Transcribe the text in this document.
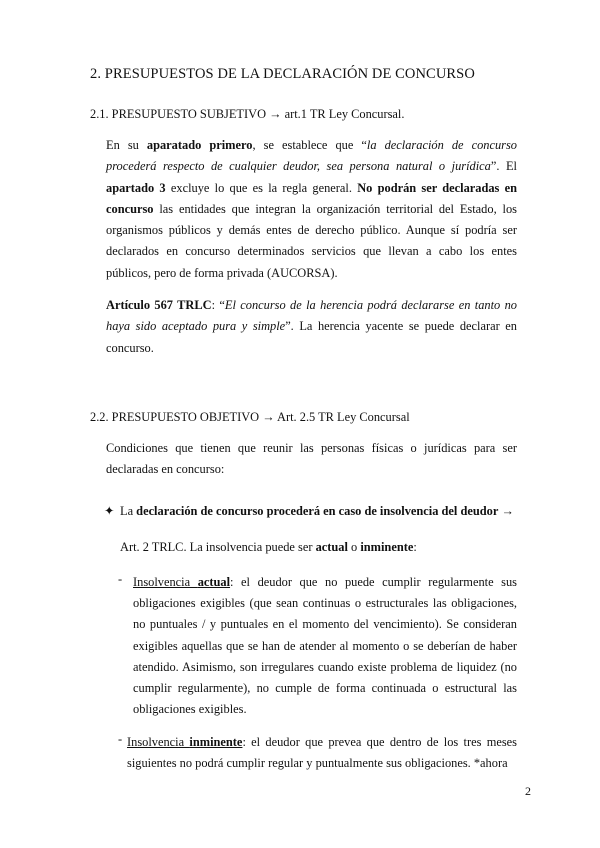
2. PRESUPUESTOS DE LA DECLARACIÓN DE CONCURSO
2.1. PRESUPUESTO SUBJETIVO → art.1 TR Ley Concursal.

En su aparatado primero, se establece que “la declaración de concurso procederá respecto de cualquier deudor, sea persona natural o jurídica”. El apartado 3 excluye lo que es la regla general. No podrán ser declaradas en concurso las entidades que integran la organización territorial del Estado, los organismos públicos y demás entes de derecho público. Aunque sí podría ser declarados en concurso determinados servicios que llevan a cabo los entes públicos, pero de forma privada (AUCORSA).

Artículo 567 TRLC: “El concurso de la herencia podrá declararse en tanto no haya sido aceptado pura y simple”. La herencia yacente se puede declarar en concurso.

2.2. PRESUPUESTO OBJETIVO → Art. 2.5 TR Ley Concursal

Condiciones que tienen que reunir las personas físicas o jurídicas para ser declaradas en concurso:

✦ La declaración de concurso procederá en caso de insolvencia del deudor →
Art. 2 TRLC. La insolvencia puede ser actual o inminente:
- Insolvencia actual: el deudor que no puede cumplir regularmente sus obligaciones exigibles (que sean continuas o estructurales las obligaciones, no puntuales / y puntuales en el momento del vencimiento). Se consideran exigibles aquellas que se han de atender al momento o se deberían de haber atendido. Asimismo, son irregulares cuando existe problema de liquidez (no cumplir regularmente), no cumple de forma continuada o estructural las obligaciones exigibles.

- Insolvencia inminente: el deudor que prevea que dentro de los tres meses siguientes no podrá cumplir regular y puntualmente sus obligaciones. *ahora

2
